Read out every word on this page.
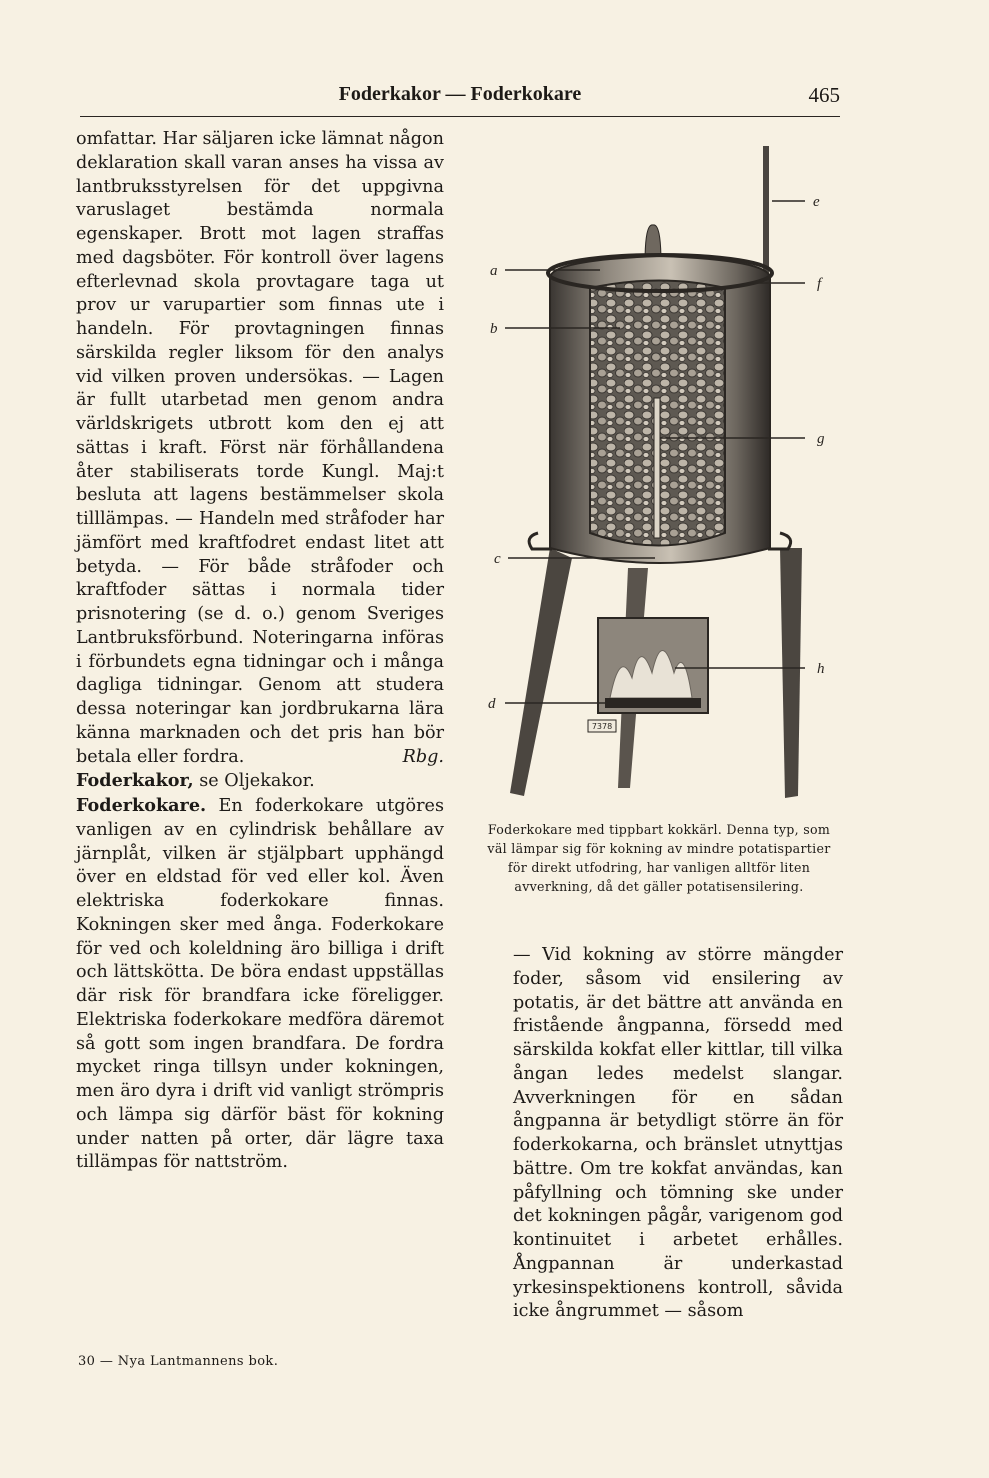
Foderkakor — Foderkokare	465

omfattar. Har säljaren icke lämnat någon deklaration skall varan anses ha vissa av lantbruksstyrelsen för det uppgivna varuslaget bestämda normala egenskaper. Brott mot lagen straffas med dagsböter. För kontroll över lagens efterlevnad skola provtagare taga ut prov ur varupartier som finnas ute i handeln. För provtagningen finnas särskilda regler liksom för den analys vid vilken proven undersökas. — Lagen är fullt utarbetad men genom andra världskrigets utbrott kom den ej att sättas i kraft. Först när förhållandena åter stabiliserats torde Kungl. Maj:t besluta att lagens bestämmelser skola tilllämpas. — Handeln med stråfoder har jämfört med kraftfodret endast litet att betyda. — För både stråfoder och kraftfoder sättas i normala tider prisnotering (se d. o.) genom Sveriges Lantbruksförbund. Noteringarna införas i förbundets egna tidningar och i många dagliga tidningar. Genom att studera dessa noteringar kan jordbrukarna lära känna marknaden och det pris han bör betala eller fordra.	Rbg.

Foderkakor, se Oljekakor.

Foderkokare. En foderkokare utgöres vanligen av en cylindrisk behållare av järnplåt, vilken är stjälpbart upphängd över en eldstad för ved eller kol. Även elektriska foderkokare finnas. Kokningen sker med ånga. Foderkokare för ved och koleldning äro billiga i drift och lättskötta. De böra endast uppställas där risk för brandfara icke föreligger. Elektriska foderkokare medföra däremot så gott som ingen brandfara. De fordra mycket ringa tillsyn under kokningen, men äro dyra i drift vid vanligt strömpris och lämpa sig därför bäst för kokning under natten på orter, där lägre taxa tillämpas för nattström.

7378
a
b
c
d
e
f
g
h
Foderkokare med tippbart kokkärl. Denna typ, som väl lämpar sig för kokning av mindre potatispartier för direkt utfodring, har vanligen alltför liten avverkning, då det gäller potatisensilering.

— Vid kokning av större mängder foder, såsom vid ensilering av potatis, är det bättre att använda en fristående ångpanna, försedd med särskilda kokfat eller kittlar, till vilka ångan ledes medelst slangar. Avverkningen för en sådan ångpanna är betydligt större än för foderkokarna, och bränslet utnyttjas bättre. Om tre kokfat användas, kan påfyllning och tömning ske under det kokningen pågår, varigenom god kontinuitet i arbetet erhålles. Ångpannan är underkastad yrkesinspektionens kontroll, såvida icke ångrummet — såsom

30 — Nya Lantmannens bok.
